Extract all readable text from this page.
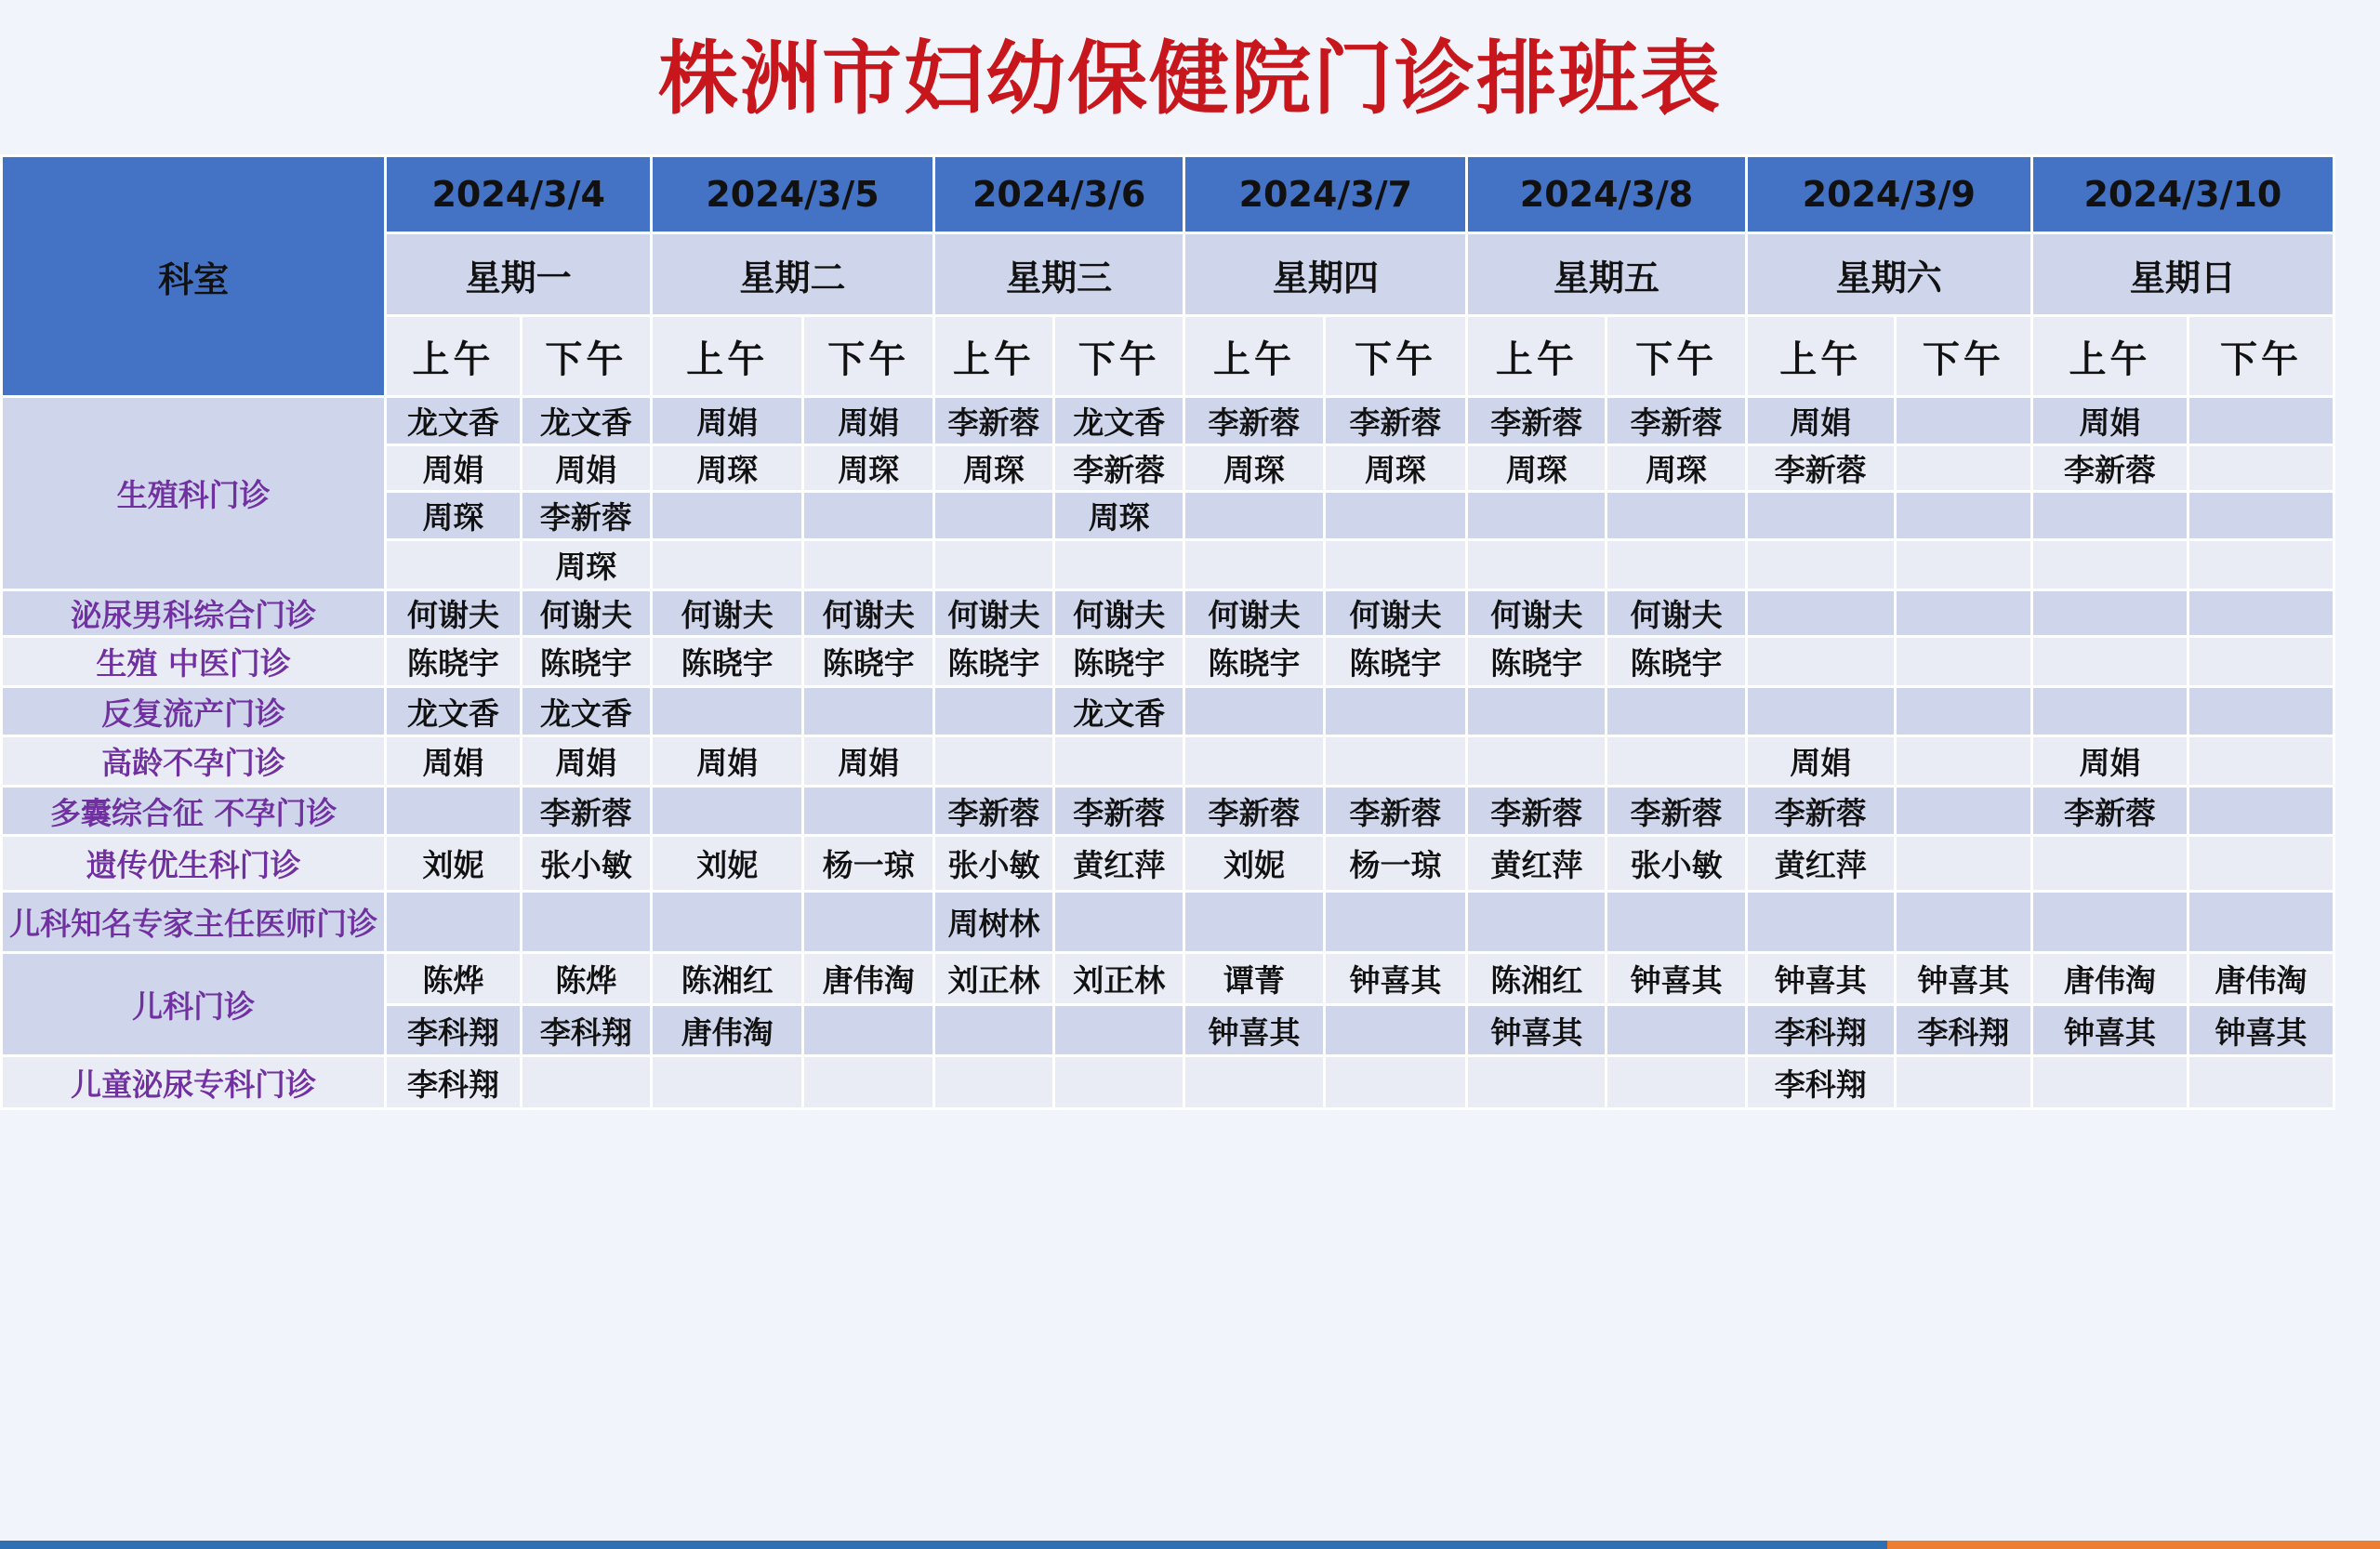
株洲市妇幼保健院门诊排班表
科室	2024/3/4		2024/3/5		2024/3/6		2024/3/7		2024/3/8		2024/3/9		2024/3/10	
	星期一		星期二		星期三		星期四		星期五		星期六		星期日	
	上午	下午	上午	下午	上午	下午	上午	下午	上午	下午	上午	下午	上午	下午
生殖科门诊	龙文香	龙文香	周娟	周娟	李新蓉	龙文香	李新蓉	李新蓉	李新蓉	李新蓉	周娟		周娟	
	周娟	周娟	周琛	周琛	周琛	李新蓉	周琛	周琛	周琛	周琛	李新蓉		李新蓉	
	周琛	李新蓉				周琛								
		周琛												
泌尿男科综合门诊	何谢夫	何谢夫	何谢夫	何谢夫	何谢夫	何谢夫	何谢夫	何谢夫	何谢夫	何谢夫				
生殖 中医门诊	陈晓宇	陈晓宇	陈晓宇	陈晓宇	陈晓宇	陈晓宇	陈晓宇	陈晓宇	陈晓宇	陈晓宇				
反复流产门诊	龙文香	龙文香				龙文香								
高龄不孕门诊	周娟	周娟	周娟	周娟							周娟		周娟	
多囊综合征 不孕门诊		李新蓉			李新蓉	李新蓉	李新蓉	李新蓉	李新蓉	李新蓉	李新蓉		李新蓉	
遗传优生科门诊	刘妮	张小敏	刘妮	杨一琼	张小敏	黄红萍	刘妮	杨一琼	黄红萍	张小敏	黄红萍			
儿科知名专家主任医师门诊					周树林									
儿科门诊	陈烨	陈烨	陈湘红	唐伟淘	刘正林	刘正林	谭菁	钟喜其	陈湘红	钟喜其	钟喜其	钟喜其	唐伟淘	唐伟淘
	李科翔	李科翔	唐伟淘				钟喜其		钟喜其		李科翔	李科翔	钟喜其	钟喜其
儿童泌尿专科门诊	李科翔										李科翔			
